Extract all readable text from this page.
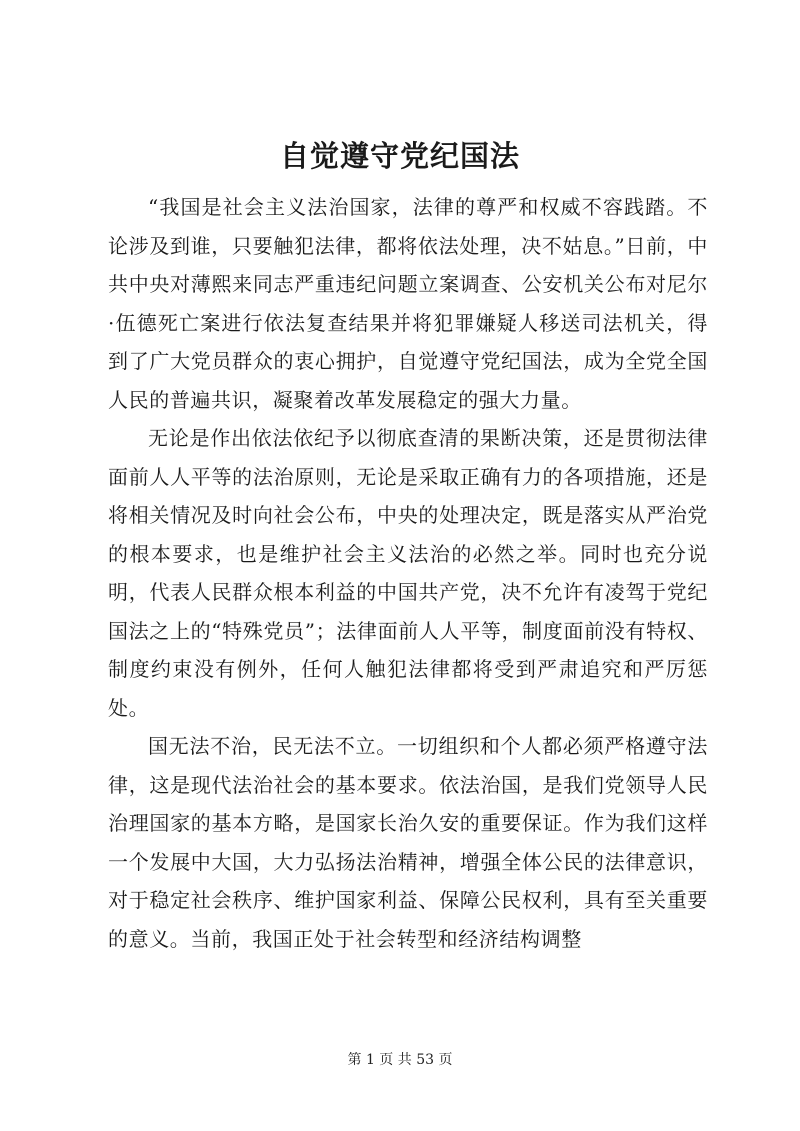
自觉遵守党纪国法

“我国是社会主义法治国家，法律的尊严和权威不容践踏。不论涉及到谁，只要触犯法律，都将依法处理，决不姑息。”日前，中共中央对薄熙来同志严重违纪问题立案调查、公安机关公布对尼尔·伍德死亡案进行依法复查结果并将犯罪嫌疑人移送司法机关，得到了广大党员群众的衷心拥护，自觉遵守党纪国法，成为全党全国人民的普遍共识，凝聚着改革发展稳定的强大力量。

无论是作出依法依纪予以彻底查清的果断决策，还是贯彻法律面前人人平等的法治原则，无论是采取正确有力的各项措施，还是将相关情况及时向社会公布，中央的处理决定，既是落实从严治党的根本要求，也是维护社会主义法治的必然之举。同时也充分说明，代表人民群众根本利益的中国共产党，决不允许有凌驾于党纪国法之上的“特殊党员”；法律面前人人平等，制度面前没有特权、制度约束没有例外，任何人触犯法律都将受到严肃追究和严厉惩处。

国无法不治，民无法不立。一切组织和个人都必须严格遵守法律，这是现代法治社会的基本要求。依法治国，是我们党领导人民治理国家的基本方略，是国家长治久安的重要保证。作为我们这样一个发展中大国，大力弘扬法治精神，增强全体公民的法律意识，对于稳定社会秩序、维护国家利益、保障公民权利，具有至关重要的意义。当前，我国正处于社会转型和经济结构调整

第 1 页 共 53 页
